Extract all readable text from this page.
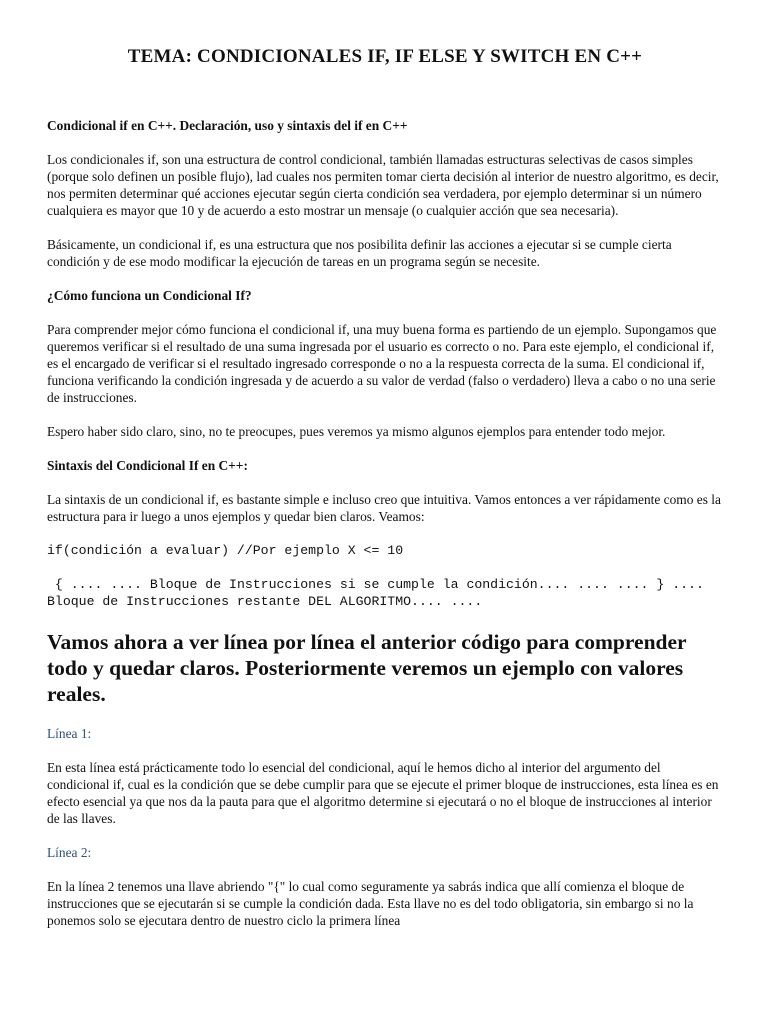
TEMA: CONDICIONALES IF, IF ELSE Y SWITCH EN C++

Condicional if en C++. Declaración, uso y sintaxis del if en C++

Los condicionales if, son una estructura de control condicional, también llamadas estructuras selectivas de casos simples (porque solo definen un posible flujo), lad cuales nos permiten tomar cierta decisión al interior de nuestro algoritmo, es decir, nos permiten determinar qué acciones ejecutar según cierta condición sea verdadera, por ejemplo determinar si un número cualquiera es mayor que 10 y de acuerdo a esto mostrar un mensaje (o cualquier acción que sea necesaria).

Básicamente, un condicional if, es una estructura que nos posibilita definir las acciones a ejecutar si se cumple cierta condición y de ese modo modificar la ejecución de tareas en un programa según se necesite.

¿Cómo funciona un Condicional If?

Para comprender mejor cómo funciona el condicional if, una muy buena forma es partiendo de un ejemplo. Supongamos que queremos verificar si el resultado de una suma ingresada por el usuario es correcto o no. Para este ejemplo, el condicional if, es el encargado de verificar si el resultado ingresado corresponde o no a la respuesta correcta de la suma. El condicional if, funciona verificando la condición ingresada y de acuerdo a su valor de verdad (falso o verdadero) lleva a cabo o no una serie de instrucciones.

Espero haber sido claro, sino, no te preocupes, pues veremos ya mismo algunos ejemplos para entender todo mejor.

Sintaxis del Condicional If en C++:

La sintaxis de un condicional if, es bastante simple e incluso creo que intuitiva. Vamos entonces a ver rápidamente como es la estructura para ir luego a unos ejemplos y quedar bien claros. Veamos:

if(condición a evaluar) //Por ejemplo X <= 10

{ .... .... Bloque de Instrucciones si se cumple la condición.... .... .... } .... Bloque de Instrucciones restante DEL ALGORITMO.... ....

Vamos ahora a ver línea por línea el anterior código para comprender todo y quedar claros. Posteriormente veremos un ejemplo con valores reales.

Línea 1:

En esta línea está prácticamente todo lo esencial del condicional, aquí le hemos dicho al interior del argumento del condicional if, cual es la condición que se debe cumplir para que se ejecute el primer bloque de instrucciones, esta línea es en efecto esencial ya que nos da la pauta para que el algoritmo determine si ejecutará o no el bloque de instrucciones al interior de las llaves.

Línea 2:

En la línea 2 tenemos una llave abriendo "{" lo cual como seguramente ya sabrás indica que allí comienza el bloque de instrucciones que se ejecutarán si se cumple la condición dada. Esta llave no es del todo obligatoria, sin embargo si no la ponemos solo se ejecutara dentro de nuestro ciclo la primera línea
